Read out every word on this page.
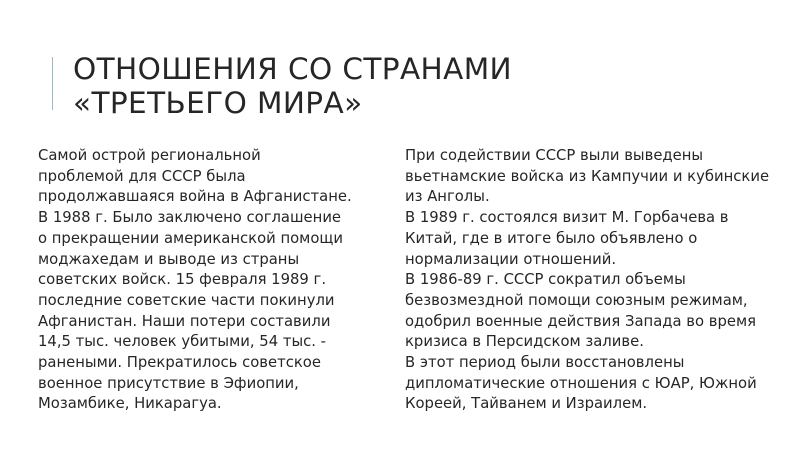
ОТНОШЕНИЯ СО СТРАНАМИ
«ТРЕТЬЕГО МИРА»
Самой острой региональной
проблемой для СССР была
продолжавшаяся война в Афганистане.
В 1988 г. Было заключено соглашение
о прекращении американской помощи
моджахедам и выводе из страны
советских войск. 15 февраля 1989 г.
последние советские части покинули
Афганистан. Наши потери составили
14,5 тыс. человек убитыми, 54 тыс. -
ранеными. Прекратилось советское
военное присутствие в Эфиопии,
Мозамбике, Никарагуа.
При содействии СССР выли выведены
вьетнамские войска из Кампучии и кубинские
из Анголы.
В 1989 г. состоялся визит М. Горбачева в
Китай, где в итоге было объявлено о
нормализации отношений.
В 1986-89 г. СССР сократил объемы
безвозмездной помощи союзным режимам,
одобрил военные действия Запада во время
кризиса в Персидском заливе.
В этот период были восстановлены
дипломатические отношения с ЮАР, Южной
Кореей, Тайванем и Израилем.
